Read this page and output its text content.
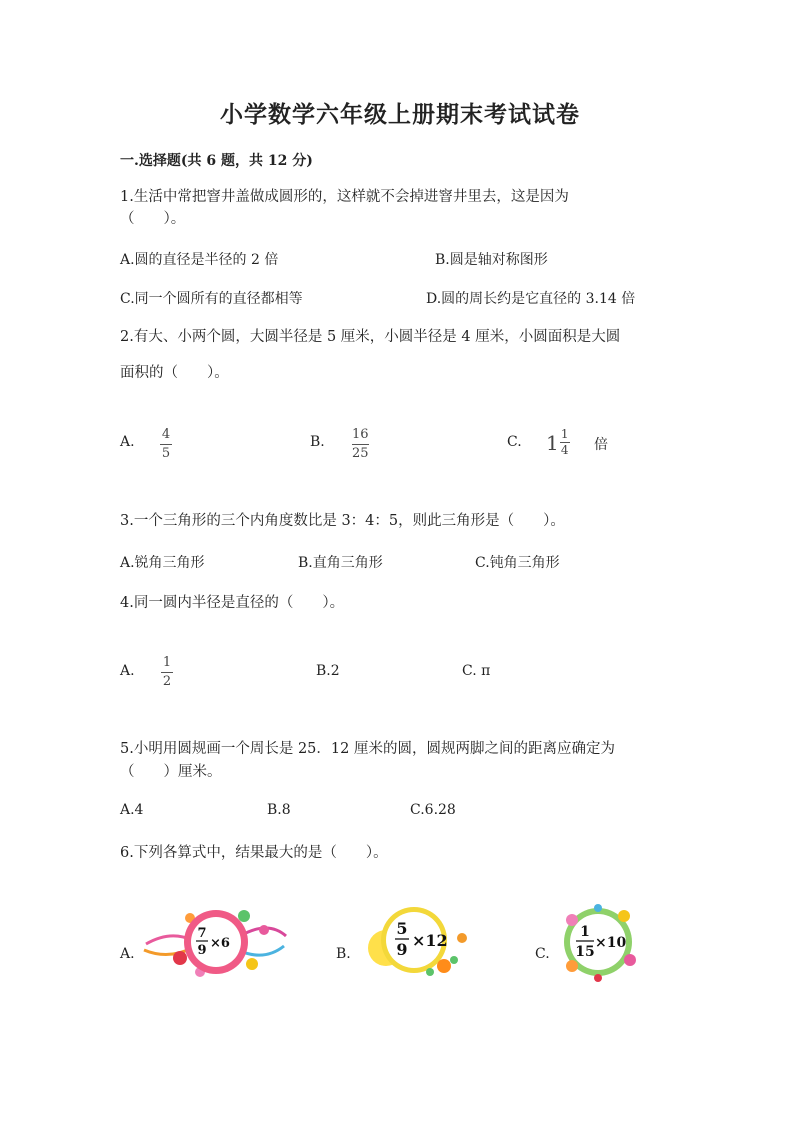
小学数学六年级上册期末考试试卷
一.选择题(共 6 题，共 12 分)
1.生活中常把窨井盖做成圆形的，这样就不会掉进窨井里去，这是因为
（　　）。
A.圆的直径是半径的 2 倍	B.圆是轴对称图形
C.同一个圆所有的直径都相等	D.圆的周长约是它直径的 3.14 倍
2.有大、小两个圆，大圆半径是 5 厘米，小圆半径是 4 厘米，小圆面积是大圆
面积的（　　）。
A. 4
5
B. 16
25
C. 1 1
4 倍
3.一个三角形的三个内角度数比是 3：4：5，则此三角形是（　　）。
A.锐角三角形	B.直角三角形	C.钝角三角形
4.同一圆内半径是直径的（　　）。
A.
1
2
B.2	C. π
5.小明用圆规画一个周长是 25．12 厘米的圆，圆规两脚之间的距离应确定为
（　　）厘米。
A.4	B.8	C.6.28
6.下列各算式中，结果最大的是（　　）。
A.
7
9 ×6
B.
5
9 ×12
C.
1
15
×10
